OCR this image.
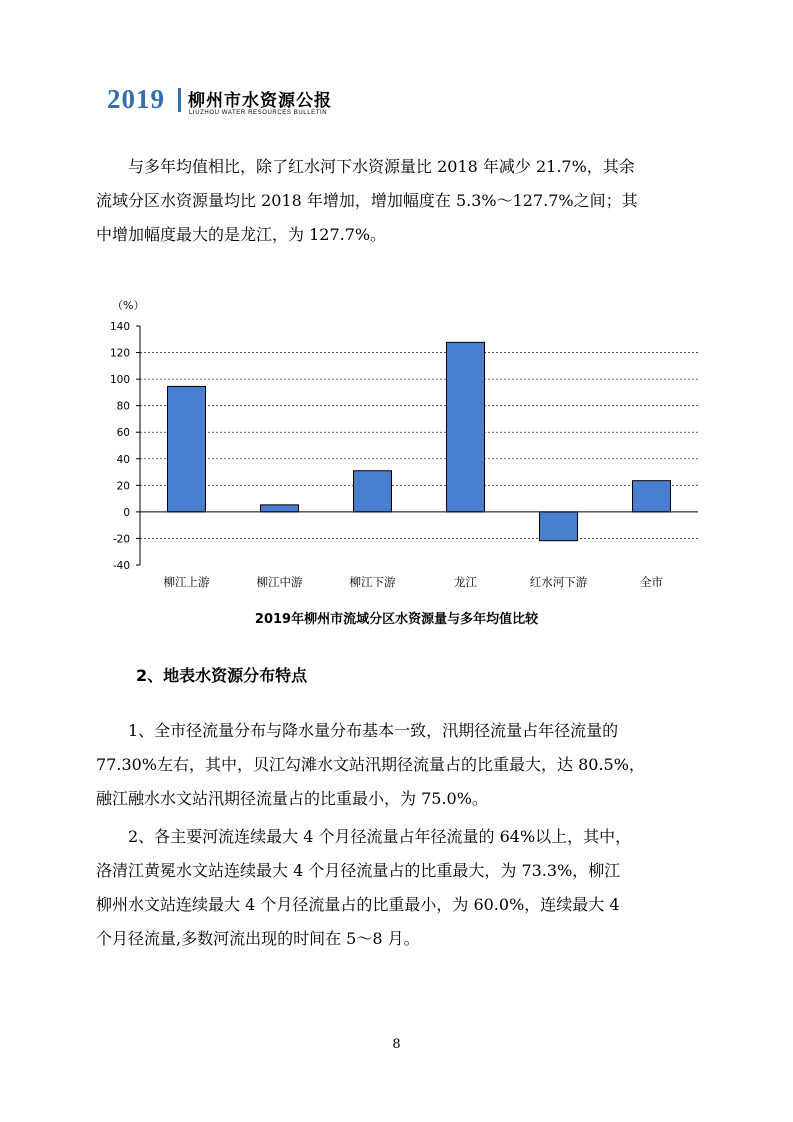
2019 柳州市水资源公报
LIUZHOU WATER RESOURCES BULLETIN

与多年均值相比，除了红水河下水资源量比 2018 年减少 21.7%，其余
流域分区水资源量均比 2018 年增加，增加幅度在 5.3%～127.7%之间；其
中增加幅度最大的是龙江，为 127.7%。

（%）
140
120
100
80
60
40
20
0
-20
-40
柳江上游	柳江中游	柳江下游	龙江	红水河下游	全市
2019年柳州市流域分区水资源量与多年均值比较
2、地表水资源分布特点

1、全市径流量分布与降水量分布基本一致，汛期径流量占年径流量的
77.30%左右，其中，贝江勾滩水文站汛期径流量占的比重最大，达 80.5%，
融江融水水文站汛期径流量占的比重最小，为 75.0%。

2、各主要河流连续最大 4 个月径流量占年径流量的 64%以上，其中，
洛清江黄冕水文站连续最大 4 个月径流量占的比重最大，为 73.3%，柳江
柳州水文站连续最大 4 个月径流量占的比重最小，为 60.0%，连续最大 4
个月径流量,多数河流出现的时间在 5～8 月。

8
